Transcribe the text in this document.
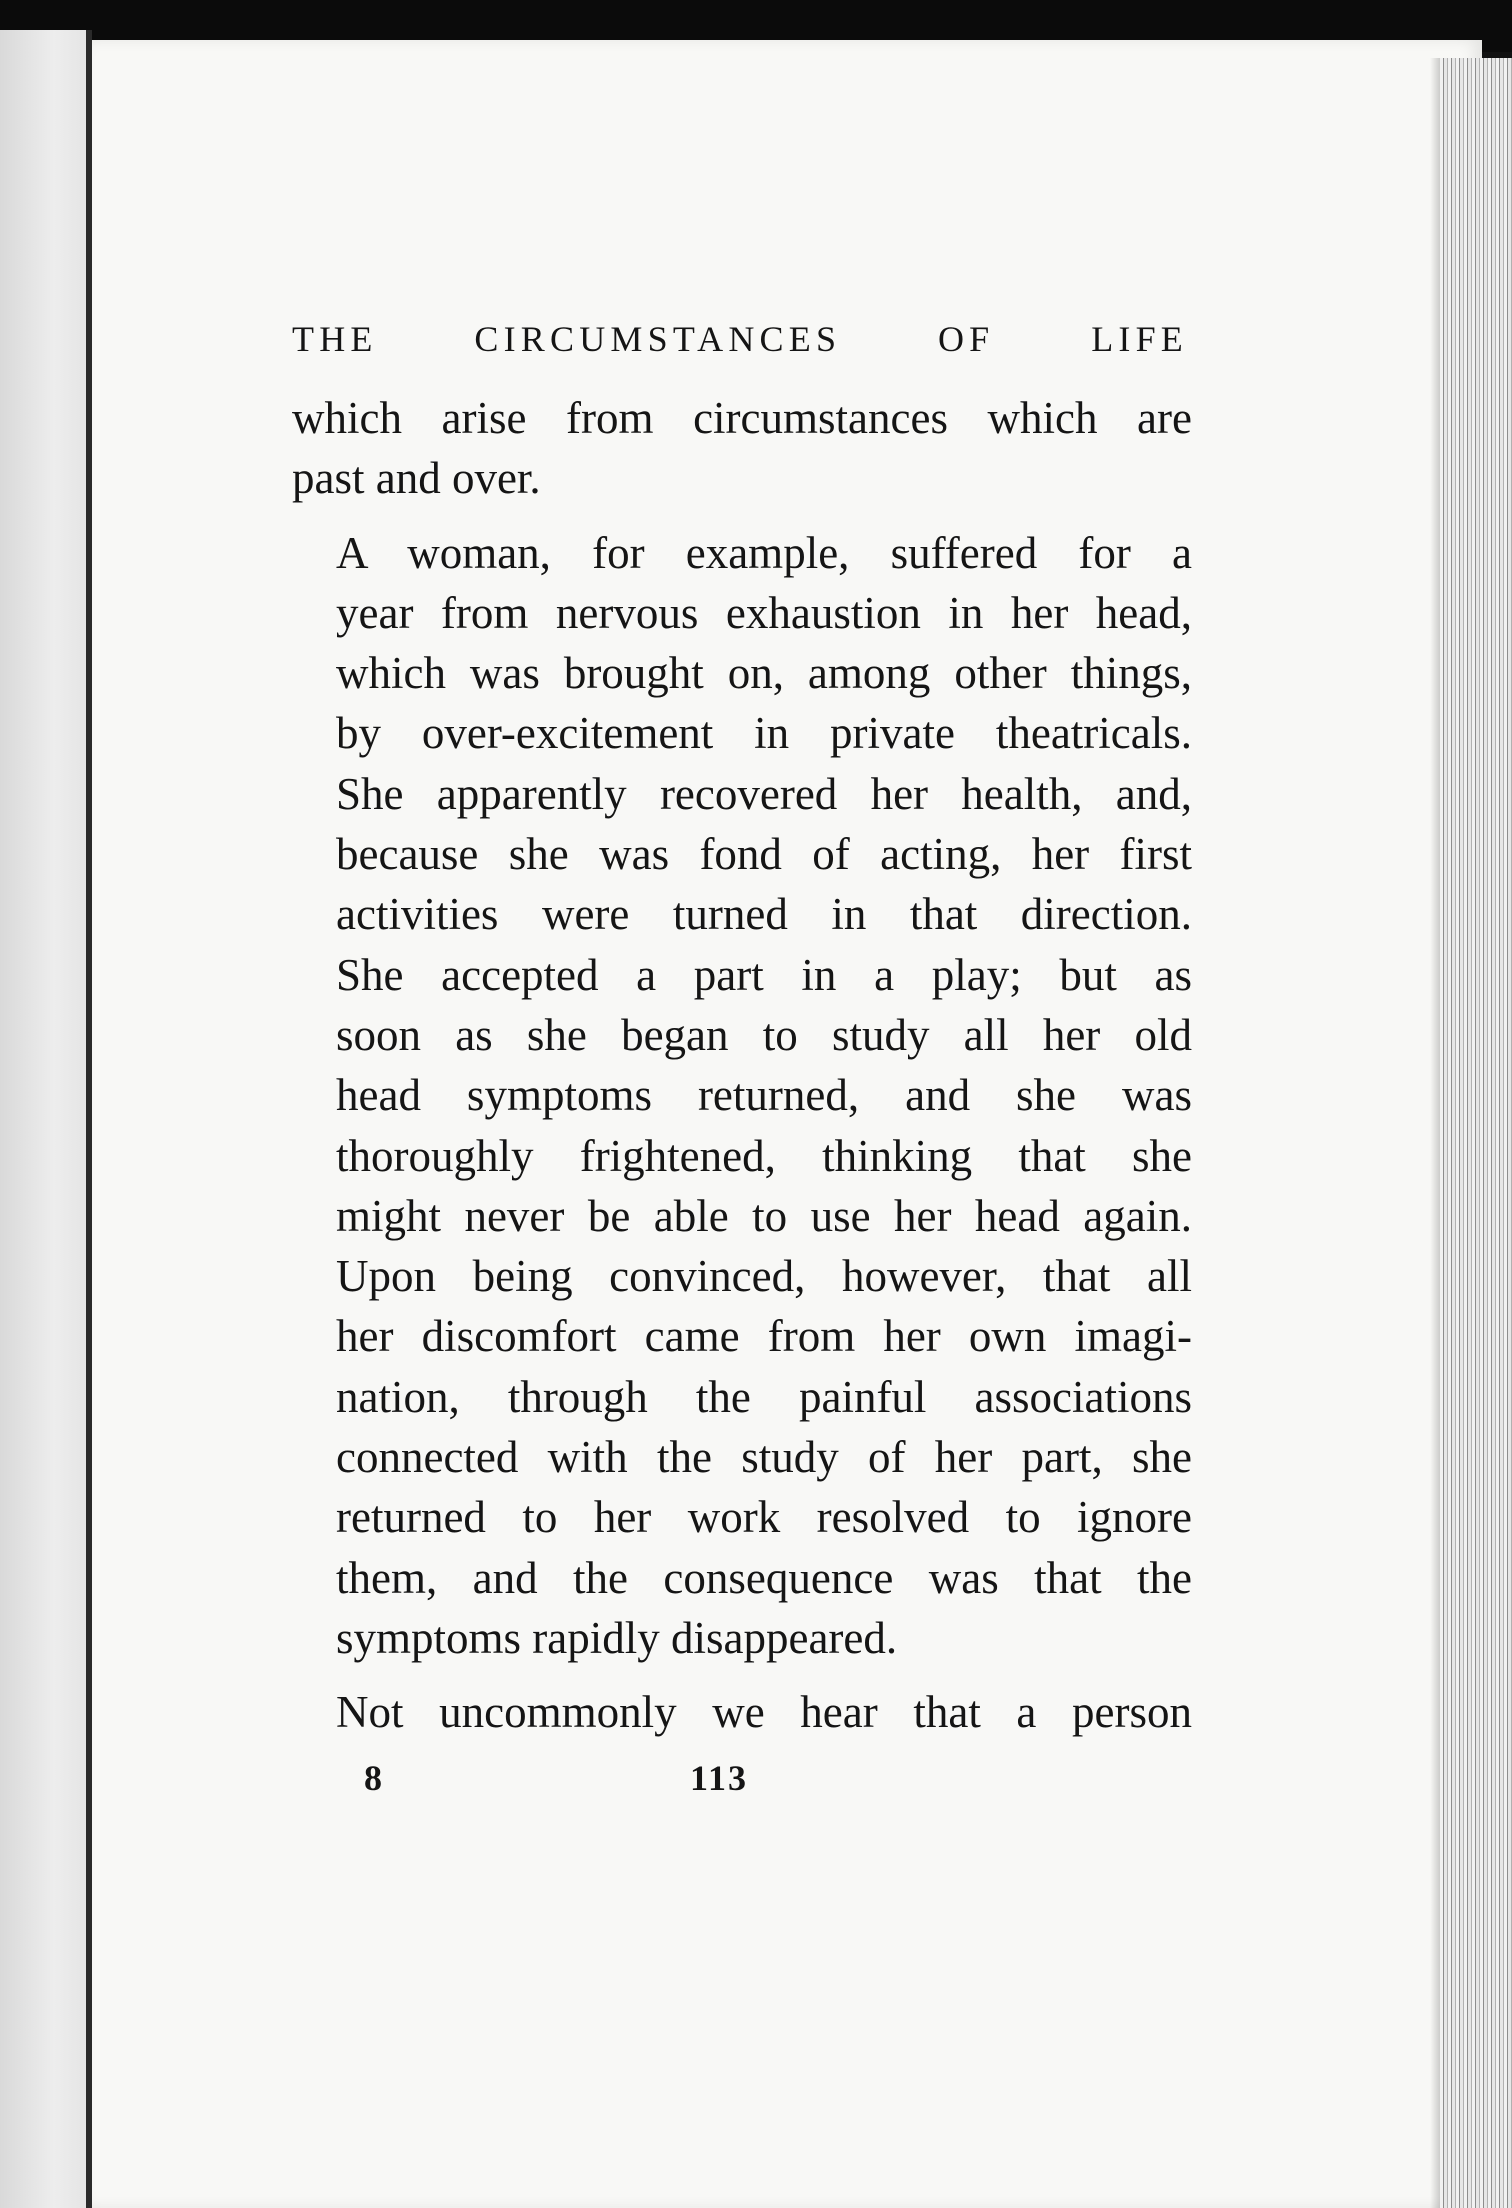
THE CIRCUMSTANCES OF LIFE

which arise from circumstances which are
past and over.

A woman, for example, suffered for a
year from nervous exhaustion in her head,
which was brought on, among other things,
by over-excitement in private theatricals.
She apparently recovered her health, and,
because she was fond of acting, her first
activities were turned in that direction.
She accepted a part in a play; but as
soon as she began to study all her old
head symptoms returned, and she was
thoroughly frightened, thinking that she
might never be able to use her head again.
Upon being convinced, however, that all
her discomfort came from her own imagi-
nation, through the painful associations
connected with the study of her part, she
returned to her work resolved to ignore
them, and the consequence was that the
symptoms rapidly disappeared.

Not uncommonly we hear that a person

8	113
